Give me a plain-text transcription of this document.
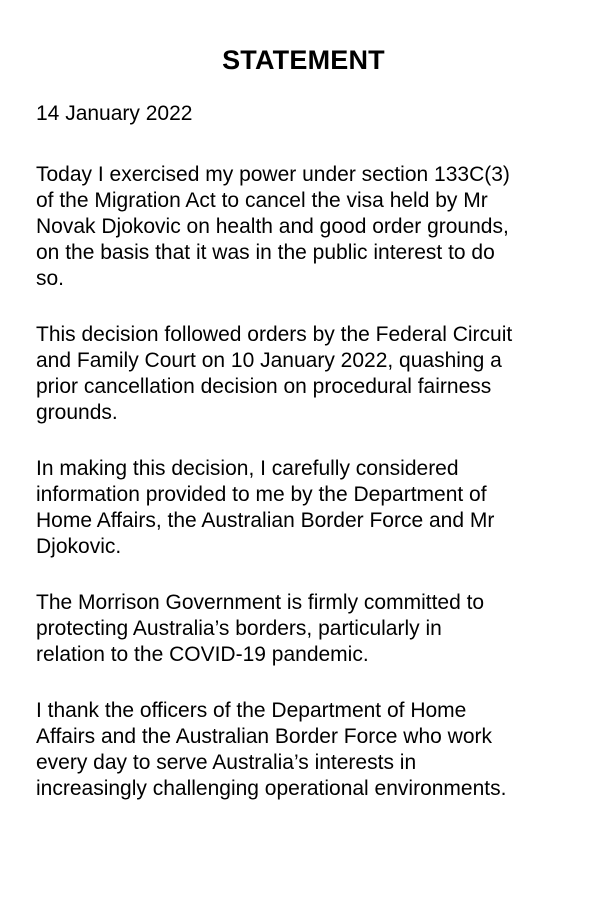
STATEMENT

14 January 2022

Today I exercised my power under section 133C(3)
of the Migration Act to cancel the visa held by Mr
Novak Djokovic on health and good order grounds,
on the basis that it was in the public interest to do
so.

This decision followed orders by the Federal Circuit
and Family Court on 10 January 2022, quashing a
prior cancellation decision on procedural fairness
grounds.

In making this decision, I carefully considered
information provided to me by the Department of
Home Affairs, the Australian Border Force and Mr
Djokovic.

The Morrison Government is firmly committed to
protecting Australia’s borders, particularly in
relation to the COVID-19 pandemic.

I thank the officers of the Department of Home
Affairs and the Australian Border Force who work
every day to serve Australia’s interests in
increasingly challenging operational environments.
